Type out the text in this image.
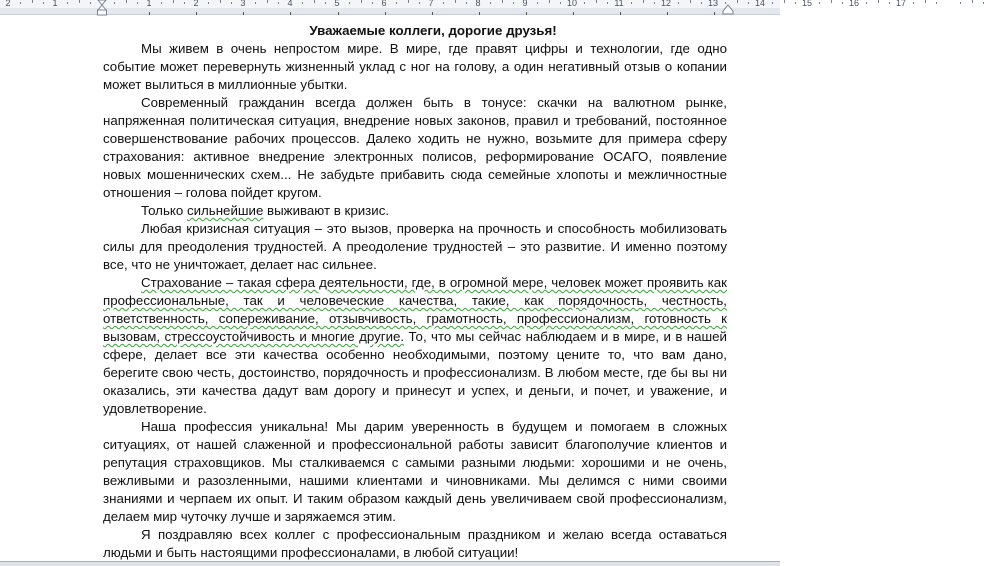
2	1	1	2	3	4	5	6	7	8	9	10	11	12	13	14	15	16	17

Уважаемые коллеги, дорогие друзья!

Мы живем в очень непростом мире. В мире, где правят цифры и технологии, где одно событие может перевернуть жизненный уклад с ног на голову, а один негативный отзыв о копании может вылиться в миллионные убытки.

Современный гражданин всегда должен быть в тонусе: скачки на валютном рынке, напряженная политическая ситуация, внедрение новых законов, правил и требований, постоянное совершенствование рабочих процессов. Далеко ходить не нужно, возьмите для примера сферу страхования: активное внедрение электронных полисов, реформирование ОСАГО, появление новых мошеннических схем... Не забудьте прибавить сюда семейные хлопоты и межличностные отношения – голова пойдет кругом.

Только сильнейшие выживают в кризис.

Любая кризисная ситуация – это вызов, проверка на прочность и способность мобилизовать силы для преодоления трудностей. А преодоление трудностей – это развитие. И именно поэтому все, что не уничтожает, делает нас сильнее.

Страхование – такая сфера деятельности, где, в огромной мере, человек может проявить как профессиональные, так и человеческие качества, такие, как порядочность, честность, ответственность, сопереживание, отзывчивость, грамотность, профессионализм, готовность к вызовам, стрессоустойчивость и многие другие. То, что мы сейчас наблюдаем и в мире, и в нашей сфере, делает все эти качества особенно необходимыми, поэтому цените то, что вам дано, берегите свою честь, достоинство, порядочность и профессионализм. В любом месте, где бы вы ни оказались, эти качества дадут вам дорогу и принесут и успех, и деньги, и почет, и уважение, и удовлетворение.

Наша профессия уникальна! Мы дарим уверенность в будущем и помогаем в сложных ситуациях, от нашей слаженной и профессиональной работы зависит благополучие клиентов и репутация страховщиков. Мы сталкиваемся с самыми разными людьми: хорошими и не очень, вежливыми и разозленными, нашими клиентами и чиновниками. Мы делимся с ними своими знаниями и черпаем их опыт. И таким образом каждый день увеличиваем свой профессионализм, делаем мир чуточку лучше и заряжаемся этим.

Я поздравляю всех коллег с профессиональным праздником и желаю всегда оставаться людьми и быть настоящими профессионалами, в любой ситуации!
